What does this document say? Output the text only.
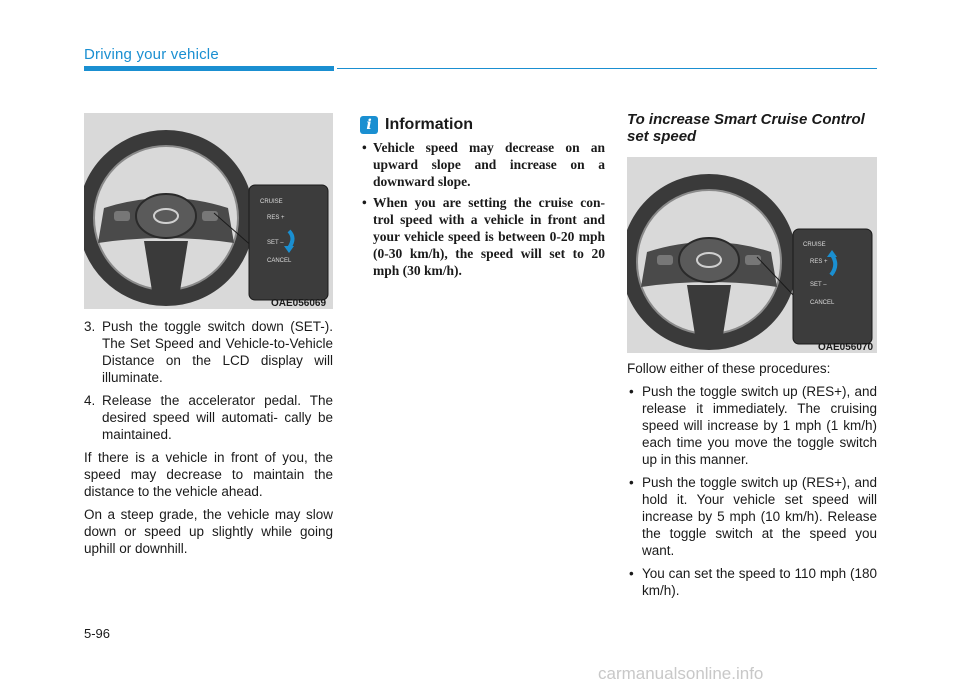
Driving your vehicle
CRUISE
RES +
SET –
CANCEL
OAE056069
3. Push the toggle switch down (SET-). The Set Speed and Vehicle-to-Vehicle Distance on the LCD display will illuminate.
4. Release the accelerator pedal. The desired speed will automati- cally be maintained.

If there is a vehicle in front of you, the speed may decrease to maintain the distance to the vehicle ahead.

On a steep grade, the vehicle may slow down or speed up slightly while going uphill or downhill.

i Information
• Vehicle speed may decrease on an upward slope and increase on a downward slope.
• When you are setting the cruise con- trol speed with a vehicle in front and your vehicle speed is between 0-20 mph (0-30 km/h), the speed will set to 20 mph (30 km/h).
To increase Smart Cruise Control set speed
CRUISE
RES +
SET –
CANCEL
OAE056070

Follow either of these procedures:

• Push the toggle switch up (RES+), and release it immediately. The cruising speed will increase by 1 mph (1 km/h) each time you move the toggle switch up in this manner.
• Push the toggle switch up (RES+), and hold it. Your vehicle set speed will increase by 5 mph (10 km/h). Release the toggle switch at the speed you want.
• You can set the speed to 110 mph (180 km/h).
5-96
carmanualsonline.info
